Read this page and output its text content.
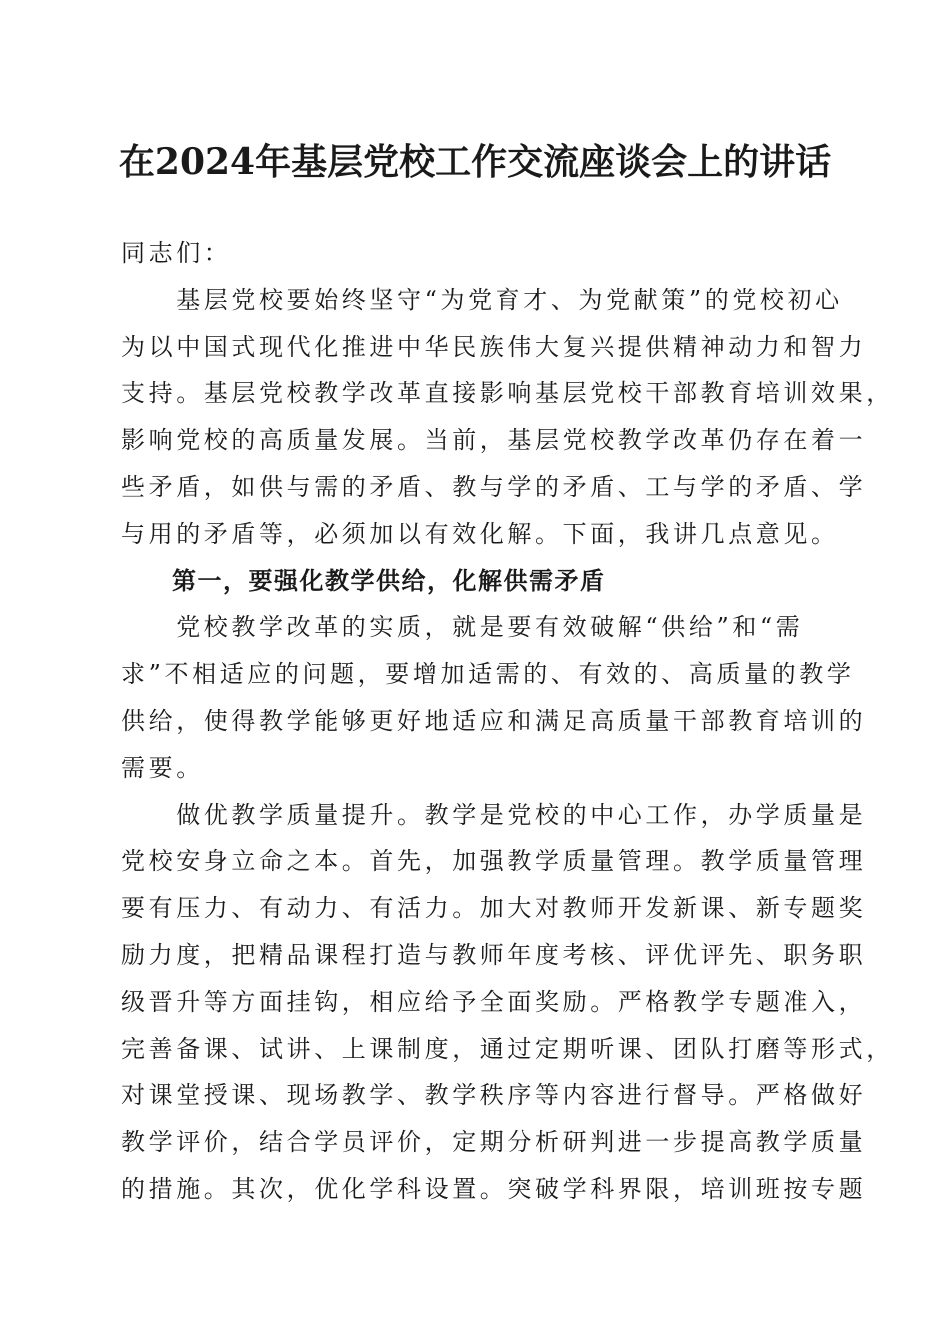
在2024年基层党校工作交流座谈会上的讲话
同志们：
　　基层党校要始终坚守“为党育才、为党献策”的党校初心
为以中国式现代化推进中华民族伟大复兴提供精神动力和智力
支持。基层党校教学改革直接影响基层党校干部教育培训效果，
影响党校的高质量发展。当前，基层党校教学改革仍存在着一
些矛盾，如供与需的矛盾、教与学的矛盾、工与学的矛盾、学
与用的矛盾等，必须加以有效化解。下面，我讲几点意见。
　　第一，要强化教学供给，化解供需矛盾
　　党校教学改革的实质，就是要有效破解“供给”和“需
求”不相适应的问题，要增加适需的、有效的、高质量的教学
供给，使得教学能够更好地适应和满足高质量干部教育培训的
需要。
　　做优教学质量提升。教学是党校的中心工作，办学质量是
党校安身立命之本。首先，加强教学质量管理。教学质量管理
要有压力、有动力、有活力。加大对教师开发新课、新专题奖
励力度，把精品课程打造与教师年度考核、评优评先、职务职
级晋升等方面挂钩，相应给予全面奖励。严格教学专题准入，
完善备课、试讲、上课制度，通过定期听课、团队打磨等形式，
对课堂授课、现场教学、教学秩序等内容进行督导。严格做好
教学评价，结合学员评价，定期分析研判进一步提高教学质量
的措施。其次，优化学科设置。突破学科界限，培训班按专题
